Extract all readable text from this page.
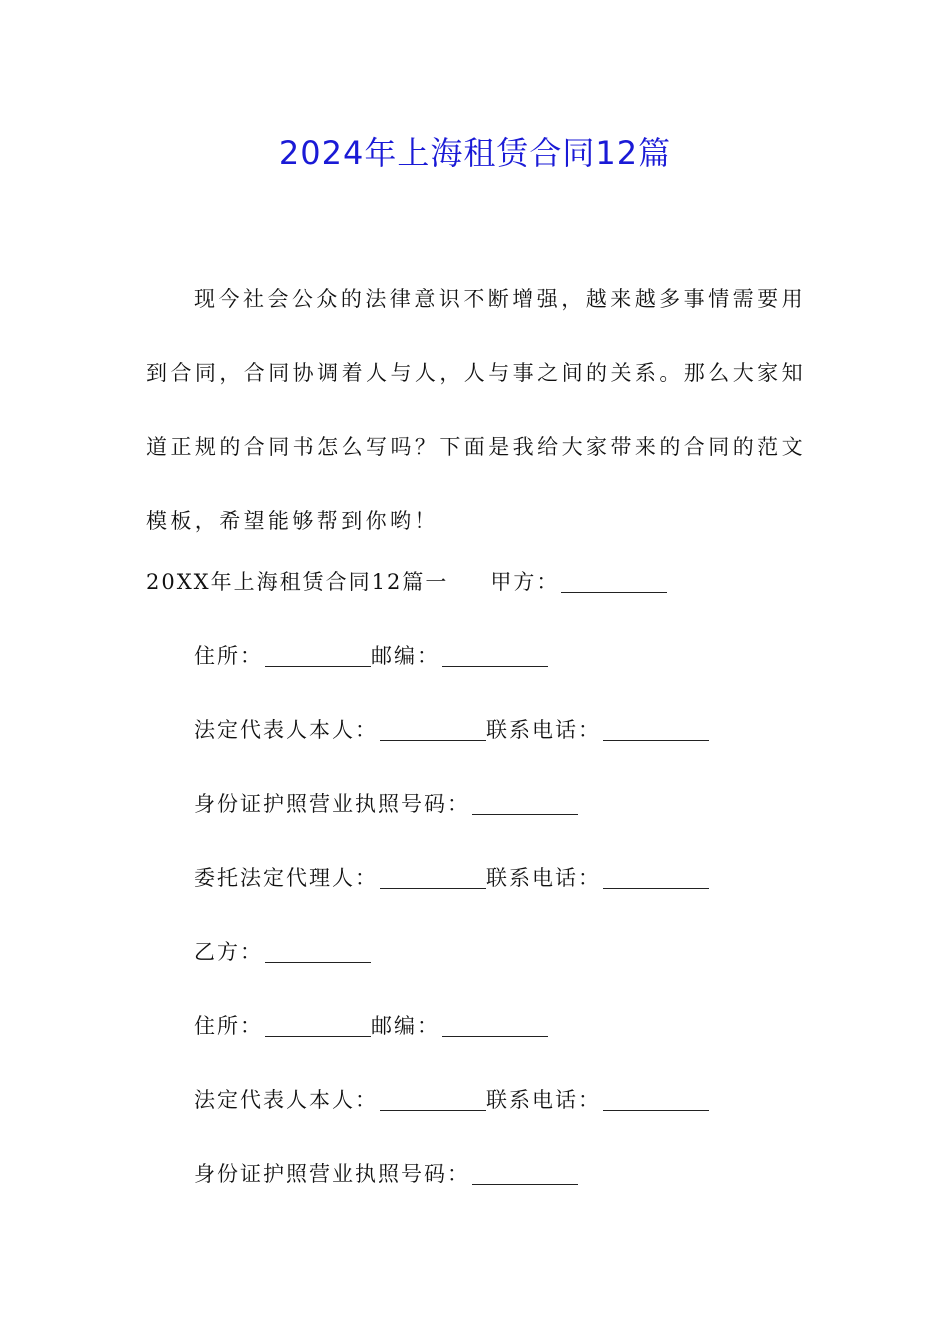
2024年上海租赁合同12篇

现今社会公众的法律意识不断增强，越来越多事情需要用到合同，合同协调着人与人，人与事之间的关系。那么大家知道正规的合同书怎么写吗？下面是我给大家带来的合同的范文模板，希望能够帮到你哟！

20XX年上海租赁合同12篇一 甲方：
住所：	邮编：
法定代表人本人：	联系电话：
身份证护照营业执照号码：
委托法定代理人：	联系电话：
乙方：
住所：	邮编：
法定代表人本人：	联系电话：
身份证护照营业执照号码：
